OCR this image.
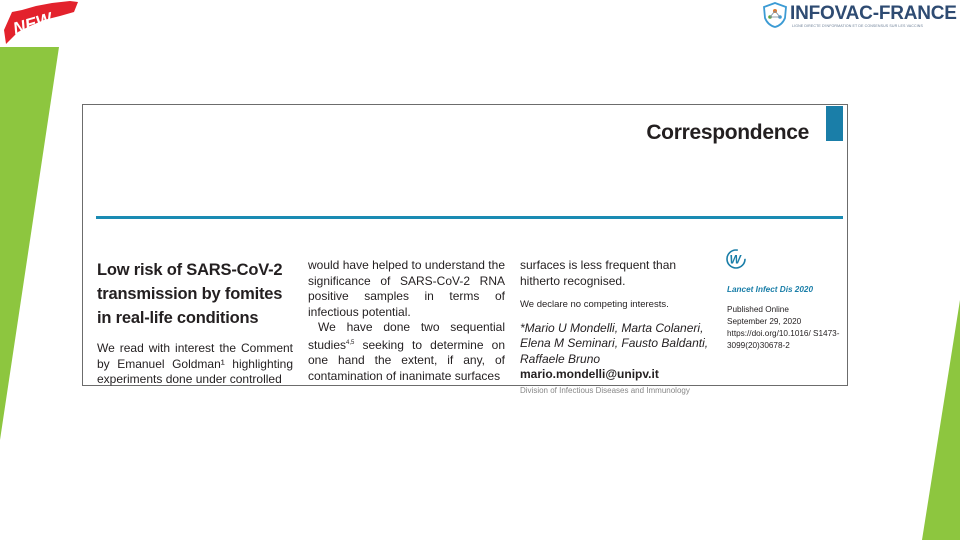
NEW	INFOVAC-FRANCE
LIGNE DIRECTE D'INFORMATION ET DE CONSENSUS SUR LES VACCINS
Correspondence
Low risk of SARS-CoV-2 transmission by fomites in real-life conditions
We read with interest the Comment by Emanuel Goldman¹ highlighting experiments done under controlled

would have helped to understand the significance of SARS-CoV-2 RNA positive samples in terms of infectious potential.

We have done two sequential studies$^{4,5}$ seeking to determine on one hand the extent, if any, of contamination of inanimate surfaces

surfaces is less frequent than hitherto recognised.
We declare no competing interests.
*Mario U Mondelli, Marta Colaneri, Elena M Seminari, Fausto Baldanti, Raffaele Bruno
mario.mondelli@unipv.it
Division of Infectious Diseases and Immunology
W
Lancet Infect Dis 2020
Published Online
September 29, 2020
https://doi.org/10.1016/ S1473-3099(20)30678-2
